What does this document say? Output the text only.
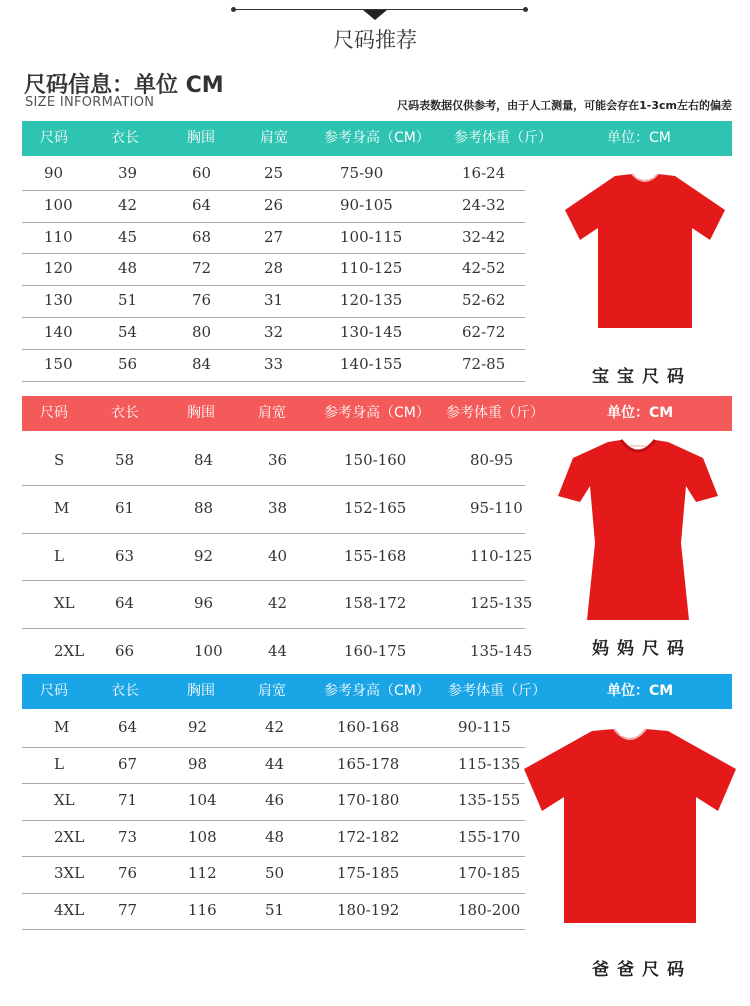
尺码推荐
尺码信息：单位 CM
SIZE INFORMATION	尺码表数据仅供参考，由于人工测量，可能会存在1-3cm左右的偏差
尺码	衣长	胸围	肩宽	参考身高（CM） 参考体重（斤）	单位：CM
90	39	60	25	75-90	16-24
100	42	64	26	90-105	24-32
110	45	68	27	100-115	32-42
120	48	72	28	110-125	42-52
130	51	76	31	120-135	52-62
140	54	80	32	130-145	62-72
150	56	84	33	140-155	72-85
宝宝尺码
尺码	衣长	胸围	肩宽	参考身高（CM） 参考体重（斤）	单位：CM
S	58	84	36	150-160	80-95
M	61	88	38	152-165	95-110
L	63	92	40	155-168	110-125
XL	64	96	42	158-172	125-135
2XL 66	100	44	160-175	135-145	妈妈尺码
尺码	衣长	胸围	肩宽	参考身高（CM） 参考体重（斤）	单位：CM
M	64	92	42	160-168	90-115
L	67	98	44	165-178	115-135
XL	71	104	46	170-180	135-155
2XL 73	108	48	172-182	155-170
3XL 76	112	50	175-185	170-185
4XL 77	116	51	180-192	180-200
爸爸尺码
